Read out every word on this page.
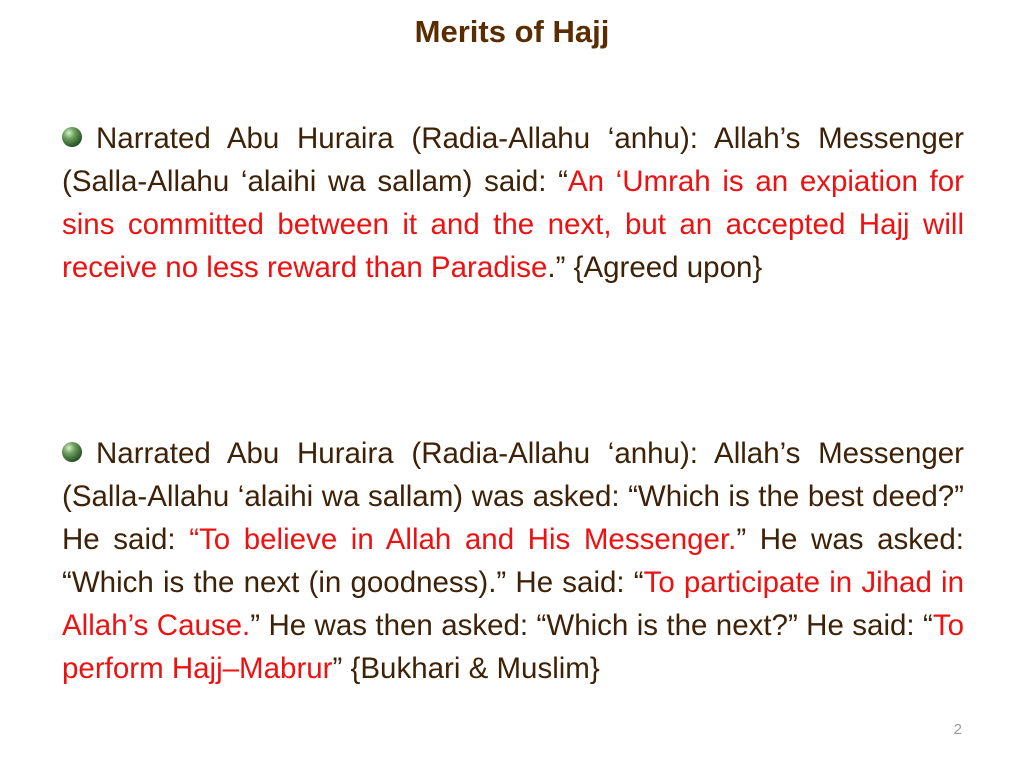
Merits of Hajj

Narrated Abu Huraira (Radia-Allahu ‘anhu): Allah’s Messenger (Salla-Allahu ‘alaihi wa sallam) said: “An ‘Umrah is an expiation for sins committed between it and the next, but an accepted Hajj will receive no less reward than Paradise.” {Agreed upon}

Narrated Abu Huraira (Radia-Allahu ‘anhu): Allah’s Messenger (Salla-Allahu ‘alaihi wa sallam) was asked: “Which is the best deed?” He said: “To believe in Allah and His Messenger.” He was asked: “Which is the next (in goodness).” He said: “To participate in Jihad in Allah’s Cause.” He was then asked: “Which is the next?” He said: “To perform Hajj–Mabrur” {Bukhari & Muslim}

2
